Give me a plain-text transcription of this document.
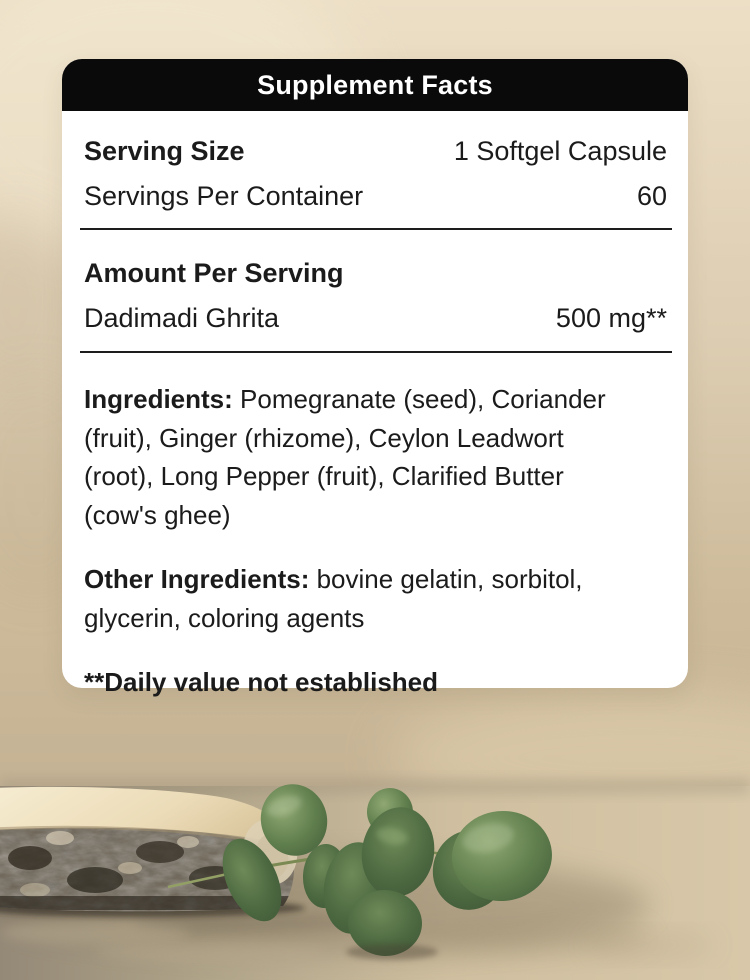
Supplement Facts
Serving Size	1 Softgel Capsule
Servings Per Container	60
Amount Per Serving
Dadimadi Ghrita	500 mg**

Ingredients: Pomegranate (seed), Coriander (fruit), Ginger (rhizome), Ceylon Leadwort (root), Long Pepper (fruit), Clarified Butter (cow's ghee)

Other Ingredients: bovine gelatin, sorbitol, glycerin, coloring agents

**Daily value not established
